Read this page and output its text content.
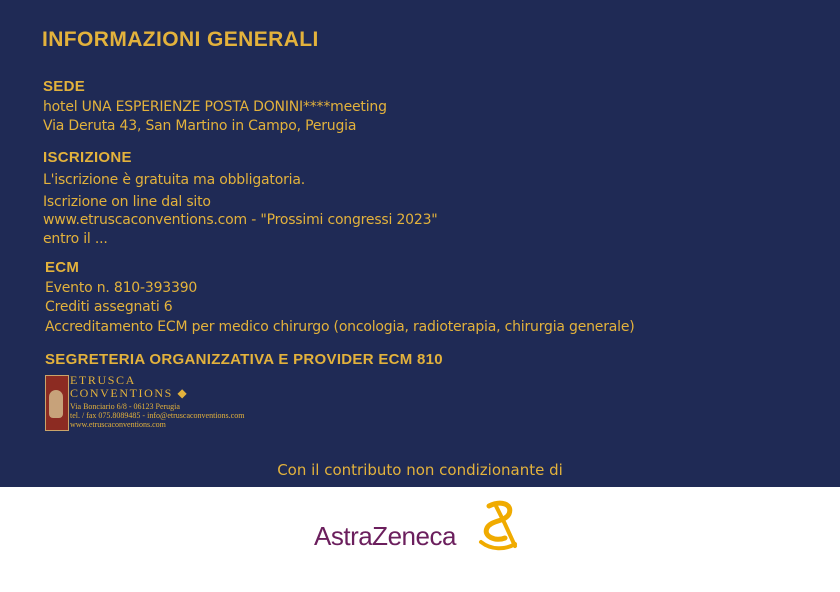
INFORMAZIONI GENERALI
SEDE
hotel UNA ESPERIENZE POSTA DONINI****meeting
Via Deruta 43, San Martino in Campo, Perugia
ISCRIZIONE
L'iscrizione è gratuita ma obbligatoria.
Iscrizione on line dal sito
www.etruscaconventions.com - "Prossimi congressi 2023"
entro il ...
ECM
Evento n. 810-393390
Crediti assegnati 6
Accreditamento ECM per medico chirurgo (oncologia, radioterapia, chirurgia generale)
SEGRETERIA ORGANIZZATIVA E PROVIDER ECM 810
ETRUSCA
CONVENTIONS ◆
Via Bonciario 6/8 - 06123 Perugia
tel. / fax 075.8089485 - info@etruscaconventions.com
www.etruscaconventions.com
Con il contributo non condizionante di
AstraZeneca
